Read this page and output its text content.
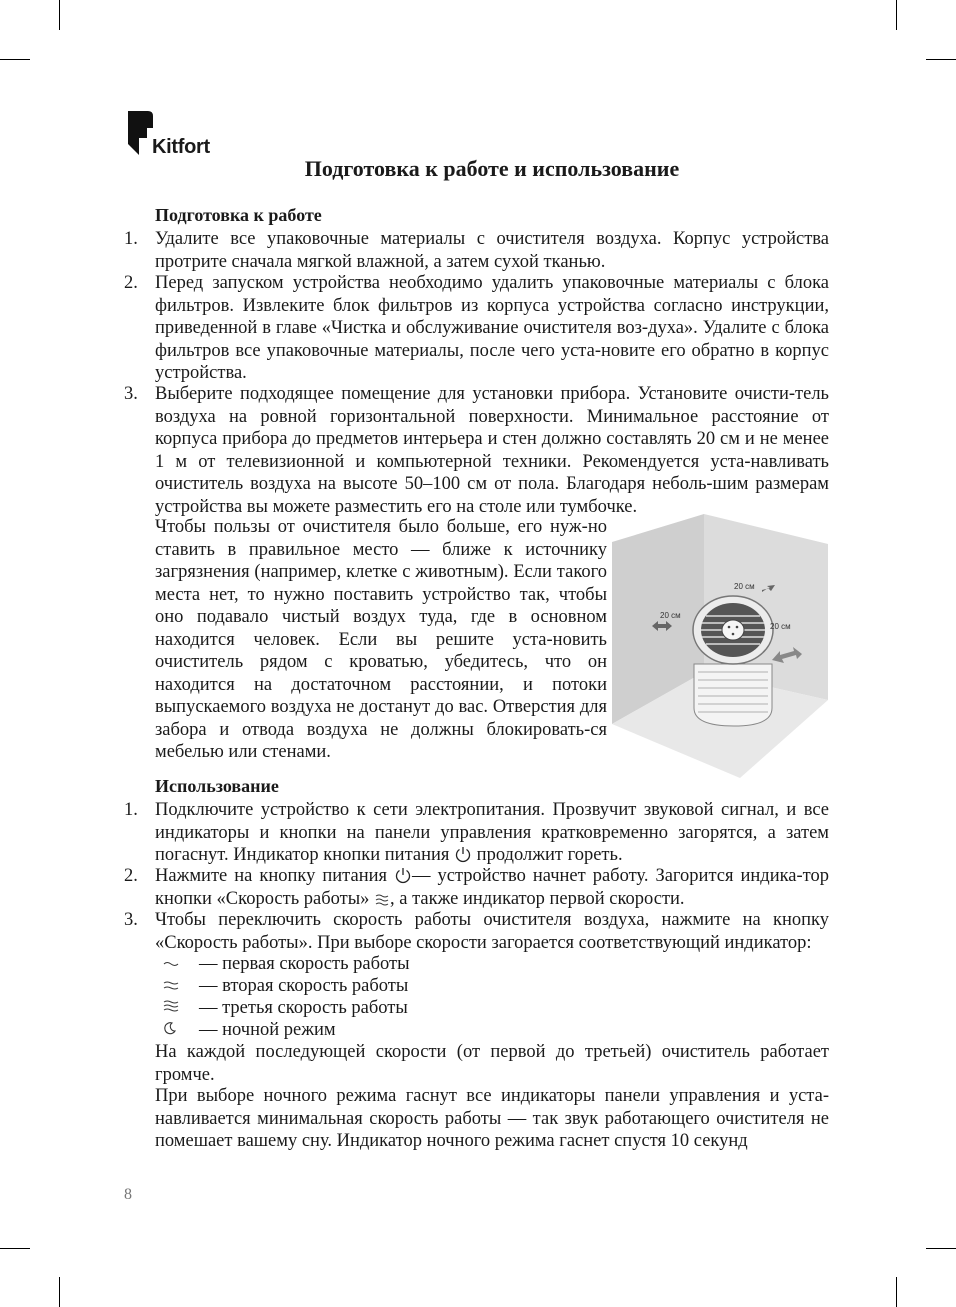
Kitfort
Подготовка к работе и использование
Подготовка к работе
1. Удалите все упаковочные материалы с очистителя воздуха. Корпус устройства протрите сначала мягкой влажной, а затем сухой тканью.
2. Перед запуском устройства необходимо удалить упаковочные материалы с блока фильтров. Извлеките блок фильтров из корпуса устройства согласно инструкции, приведенной в главе «Чистка и обслуживание очистителя воз-духа». Удалите с блока фильтров все упаковочные материалы, после чего уста-новите его обратно в корпус устройства.
3. Выберите подходящее помещение для установки прибора. Установите очисти-тель воздуха на ровной горизонтальной поверхности. Минимальное расстояние от корпуса прибора до предметов интерьера и стен должно составлять 20 см и не менее 1 м от телевизионной и компьютерной техники. Рекомендуется уста-навливать очиститель воздуха на высоте 50–100 см от пола. Благодаря неболь-шим размерам устройства вы можете разместить его на столе или тумбочке.
Чтобы пользы от очистителя было больше, его нуж-но ставить в правильное место — ближе к источнику загрязнения (например, клетке с животным). Если такого места нет, то нужно поставить устройство так, чтобы оно подавало чистый воздух туда, где в основном находится человек. Если вы решите уста-новить очиститель рядом с кроватью, убедитесь, что он находится на достаточном расстоянии, и потоки выпускаемого воздуха не достанут до вас. Отверстия для забора и отвода воздуха не должны блокировать-ся мебелью или стенами.
20 см
20 см
20 см
Использование
1. Подключите устройство к сети электропитания. Прозвучит звуковой сигнал, и все индикаторы и кнопки на панели управления кратковременно загорятся, а затем погаснут. Индикатор кнопки питания продолжит гореть.
2. Нажмите на кнопку питания — устройство начнет работу. Загорится индика-тор кнопки «Скорость работы» , а также индикатор первой скорости.
3. Чтобы переключить скорость работы очистителя воздуха, нажмите на кнопку «Скорость работы». При выборе скорости загорается соответствующий индикатор:
— первая скорость работы
— вторая скорость работы
— третья скорость работы
— ночной режим
На каждой последующей скорости (от первой до третьей) очиститель работает громче.
При выборе ночного режима гаснут все индикаторы панели управления и уста-навливается минимальная скорость работы — так звук работающего очистителя не помешает вашему сну. Индикатор ночного режима гаснет спустя 10 секунд
8
